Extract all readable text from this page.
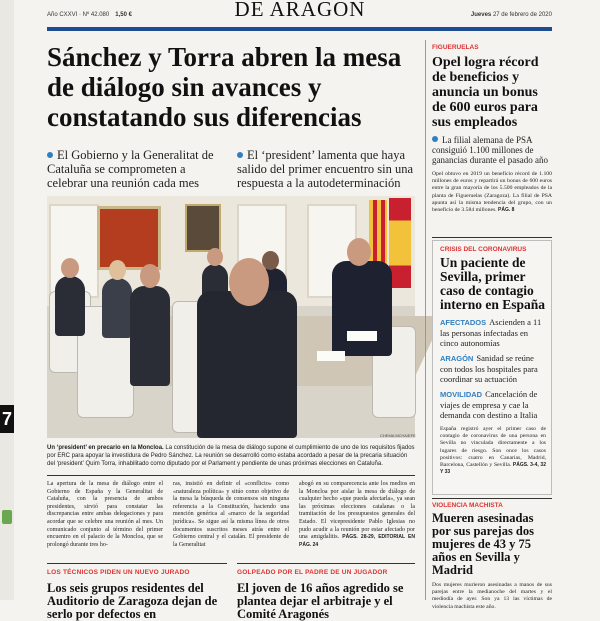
7
DE ARAGON
Año CXXVI · Nº 42.080 1,50 €	Jueves 27 de febrero de 2020
Sánchez y Torra abren la mesa de diálogo sin avances y constatando sus diferencias
El Gobierno y la Generalitat de Cataluña se comprometen a celebrar una reunión cada mes
El ‘president’ lamenta que haya salido del primer encuentro sin una respuesta a la autodeterminación
CHEMA MOYA/EFE
Un ‘president’ en precario en la Moncloa. La constitución de la mesa de diálogo supone el cumplimiento de uno de los requisitos fijados por ERC para apoyar la investidura de Pedro Sánchez. La reunión se desarrolló como estaba acordado a pesar de la precaria situación del ‘president’ Quim Torra, inhabilitado como diputado por el Parlament y pendiente de unas próximas elecciones en Cataluña.
La apertura de la mesa de diálogo entre el Gobierno de España y la Generalitat de Cataluña, con la presencia de ambos presidentes, sirvió para constatar las discrepancias entre ambas delegaciones y para acordar que se celebre una reunión al mes. Un comunicado conjunto al término del primer encuentro en el palacio de la Moncloa, que se prolongó durante tres ho-
ras, insistió en definir el «conflicto» como «naturaleza política» y sitúo como objetivo de la mesa la búsqueda de consensos sin ninguna referencia a la Constitución, haciendo una mención genérica al «marco de la seguridad jurídica». Se sigue así la misma línea de otros documentos suscritos meses atrás entre el Gobierno central y el catalán. El presidente de la Generalitat
abogó en su comparecencia ante los medios en la Moncloa por aislar la mesa de diálogo de cualquier hecho «que pueda afectarla», ya sean las próximas elecciones catalanas o la tramitación de los presupuestos generales del Estado. El vicepresidente Pablo Iglesias no pudo acudir a la reunión por estar afectado por una amigdalitis. PÁGS. 28-29, EDITORIAL EN PÁG. 24
LOS TÉCNICOS PIDEN UN NUEVO JURADO	GOLPEADO POR EL PADRE DE UN JUGADOR
Los seis grupos residentes del Auditorio de Zaragoza dejan de serlo por defectos en
El joven de 16 años agredido se plantea dejar el arbitraje y el Comité Aragonés
FIGUERUELAS
Opel logra récord de beneficios y anuncia un bonus de 600 euros para sus empleados
La filial alemana de PSA consiguió 1.100 millones de ganancias durante el pasado año
Opel obtuvo en 2019 un beneficio récord de 1.100 millones de euros y repartirá un bonus de 600 euros entre la gran mayoría de los 5.500 empleados de la planta de Figueruelas (Zaragoza). La filial de PSA apunta así la misma tendencia del grupo, con un beneficio de 3.584 millones. PÁG. 8
CRISIS DEL CORONAVIRUS
Un paciente de Sevilla, primer caso de contagio interno en España
AFECTADOS Ascienden a 11 las personas infectadas en cinco autonomías
ARAGÓN Sanidad se reúne con todos los hospitales para coordinar su actuación
MOVILIDAD Cancelación de viajes de empresa y cae la demanda con destino a Italia
España registró ayer el primer caso de contagio de coronavirus de una persona en Sevilla no vinculada directamente a los lugares de riesgo. Son once los casos positivos: cuatro en Canarias, Madrid, Barcelona, Castellón y Sevilla. PÁGS. 3-4, 32 Y 33
VIOLENCIA MACHISTA
Mueren asesinadas por sus parejas dos mujeres de 43 y 75 años en Sevilla y Madrid
Dos mujeres murieron asesinadas a manos de sus parejas entre la medianoche del martes y el mediodía de ayer. Son ya 13 las víctimas de violencia machista este año.
